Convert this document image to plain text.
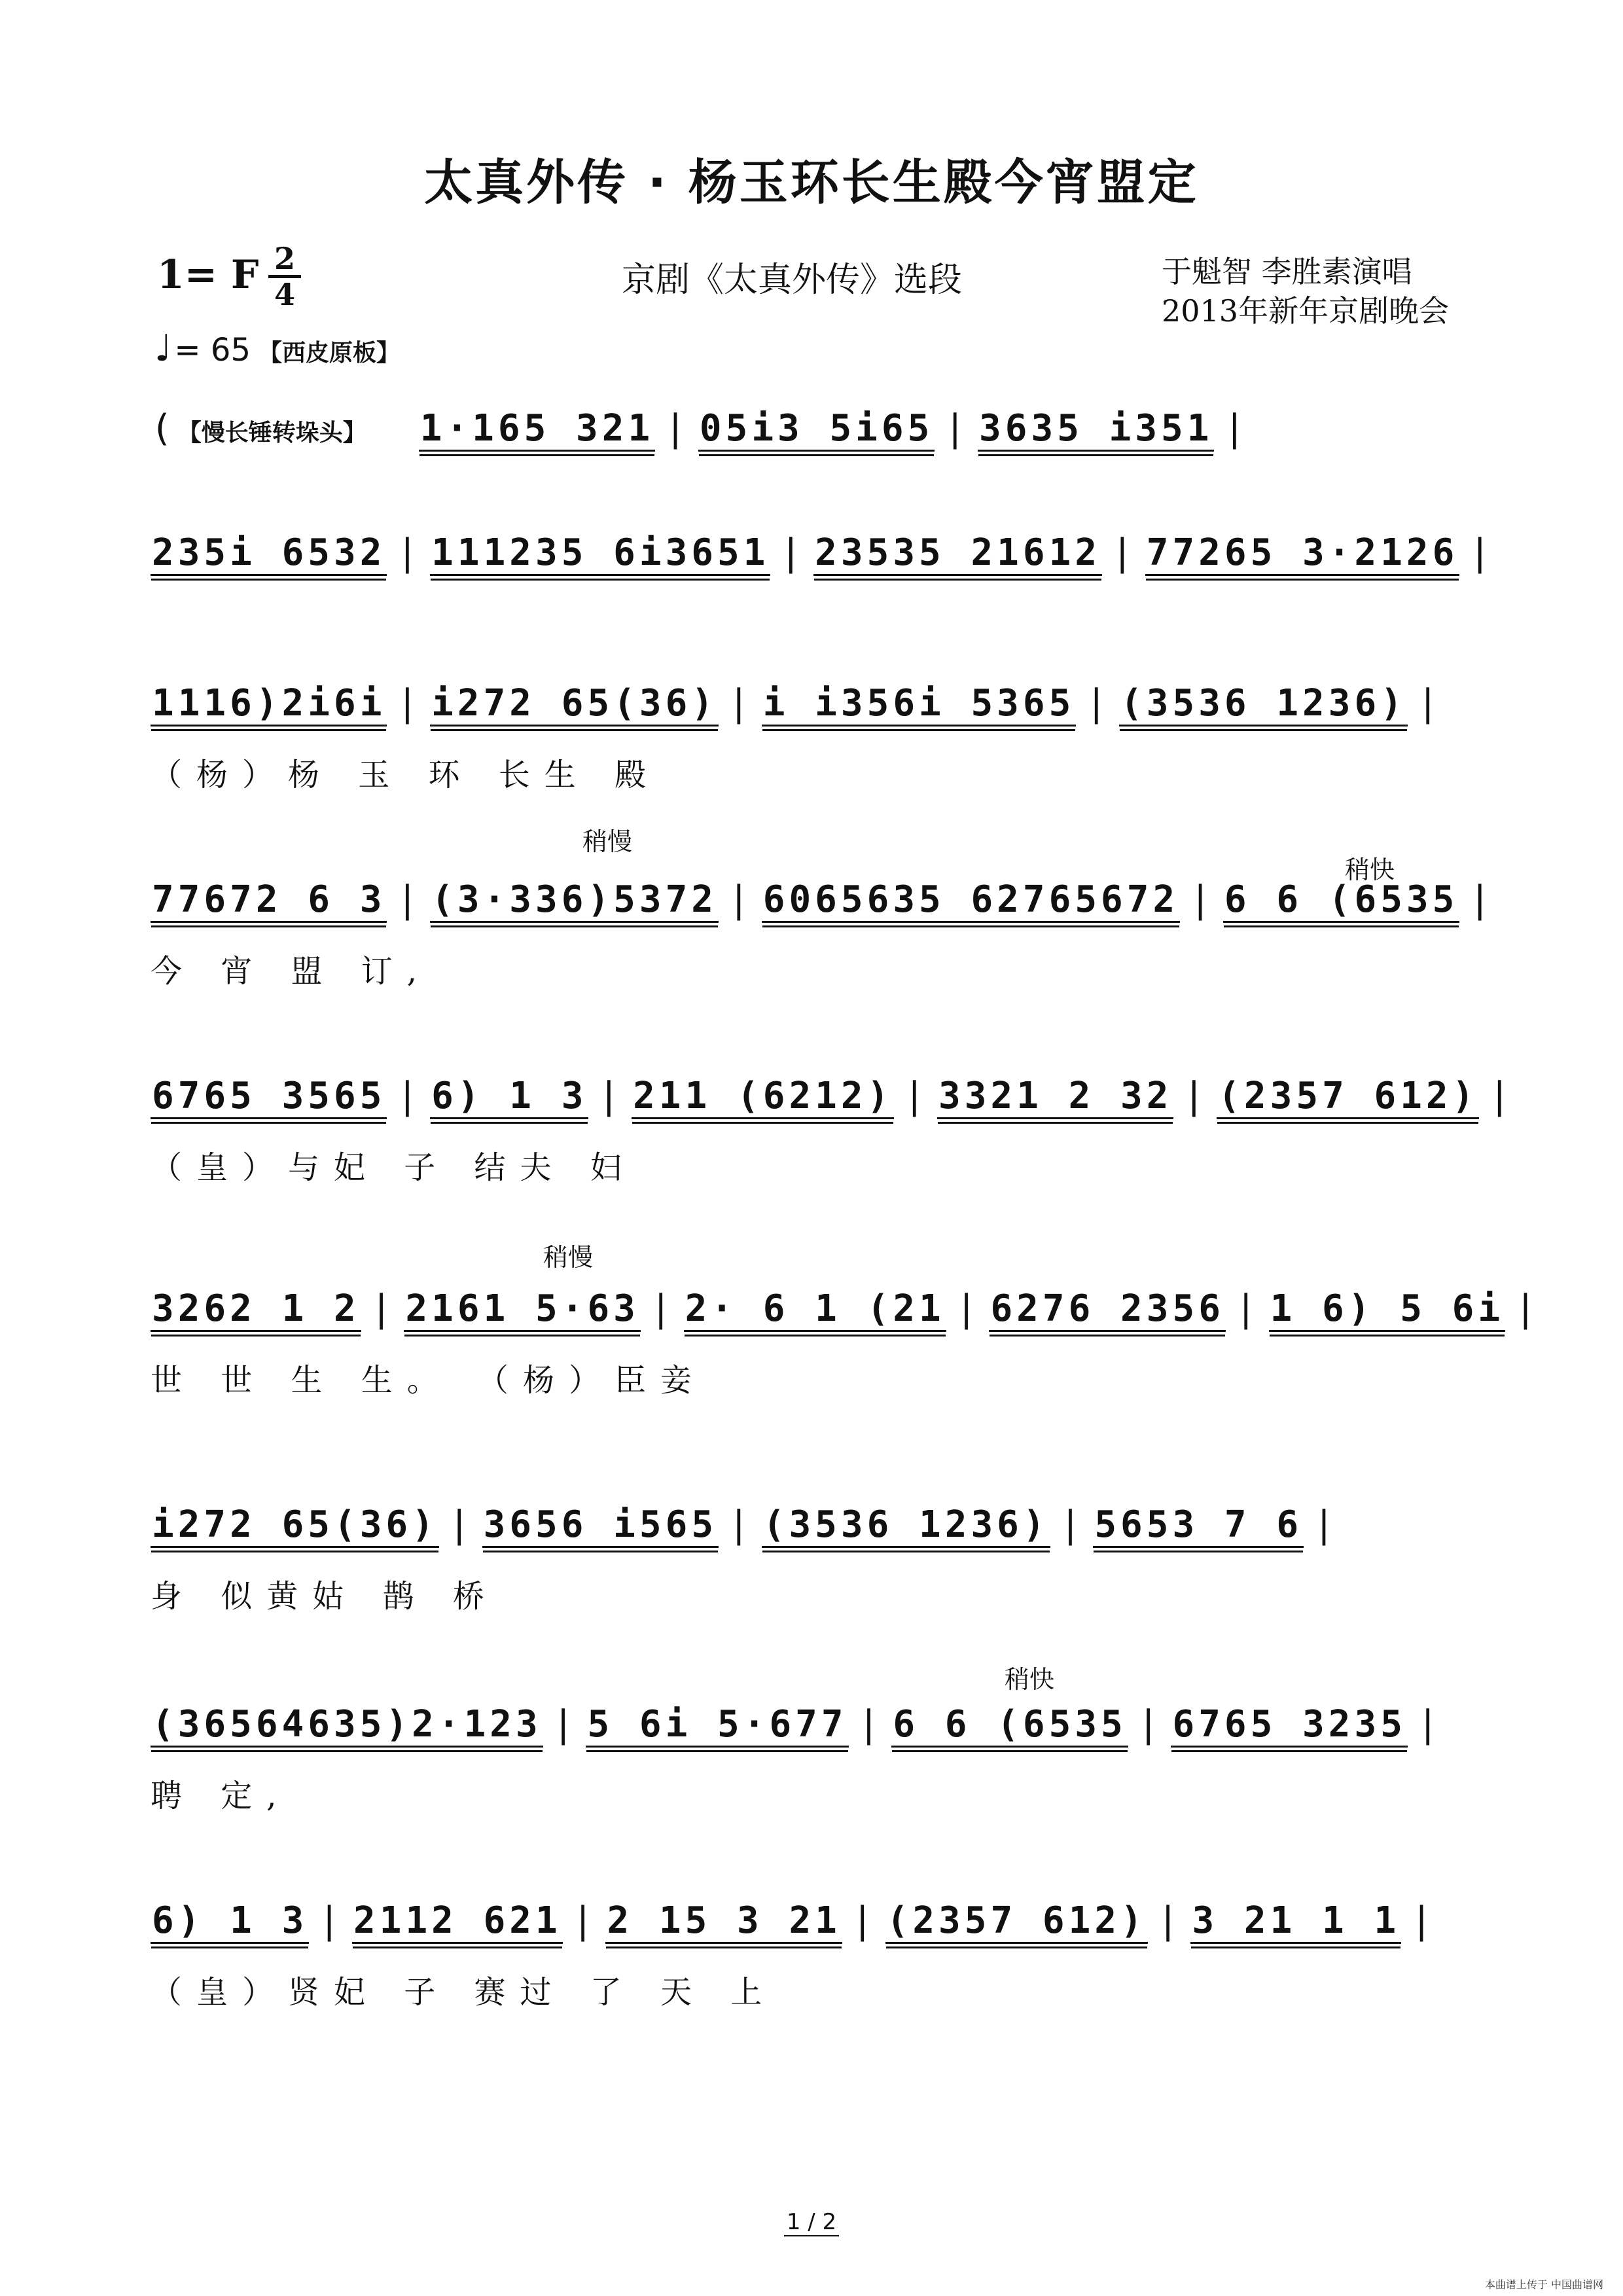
太真外传 · 杨玉环长生殿今宵盟定
1= F 2
4	京剧《太真外传》选段	于魁智 李胜素演唱
2013年新年京剧晚会
♩= 65 【西皮原板】
稍慢
稍快
稍慢
稍快
( 【慢长锤转垛头】 1·165 321 | 05i3 5i65 | 3635 i351 |
235i 6532 | 111235 6i3651 | 23535 21612 | 77265 3·2126 |
1116)2i6i | i272 65(36) | i i356i 5365 | (3536 1236) |
（杨）杨 玉 环 长生 殿
77672 6 3 | (3·336)5372 | 6065635 62765672 | 6 6 (6535 |
今 宵 盟 订,
6765 3565 | 6) 1 3 | 211 (6212) | 3321 2 32 | (2357 612) |
（皇）与妃 子 结夫 妇
3262 1 2 | 2161 5·63 | 2· 6 1 (21 | 6276 2356 | 1 6) 5 6i |
世 世 生 生。 （杨）臣妾
i272 65(36) | 3656 i565 | (3536 1236) | 5653 7 6 |
身 似黄姑 鹊 桥
(36564635)2·123 | 5 6i 5·677 | 6 6 (6535 | 6765 3235 |
聘 定,
6) 1 3 | 2112 621 | 2 15 3 21 | (2357 612) | 3 21 1 1 |
（皇）贤妃 子 赛过 了 天 上
1 / 2
本曲谱上传于 中国曲谱网
